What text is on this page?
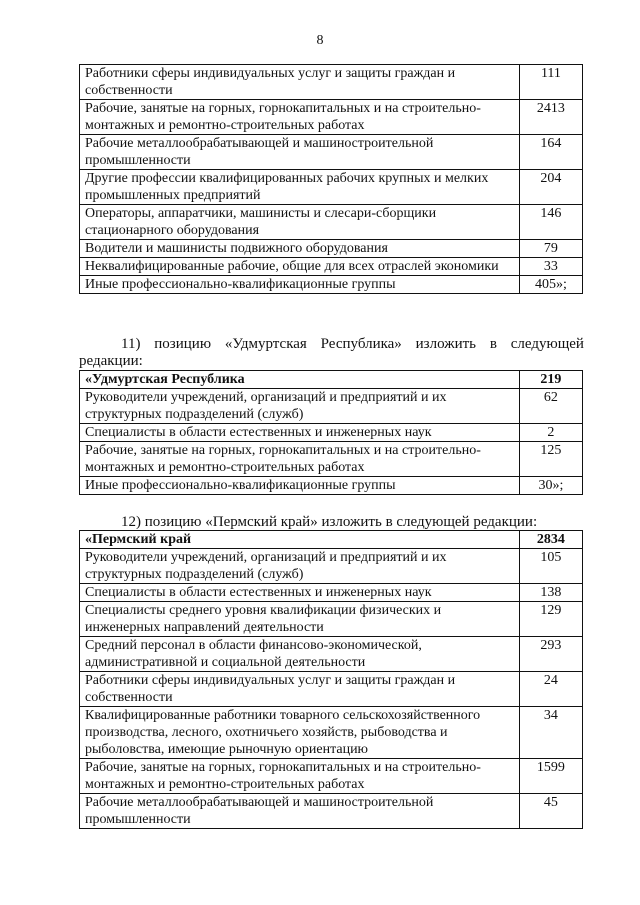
8
Работники сферы индивидуальных услуг и защиты граждан и собственности	111
Рабочие, занятые на горных, горнокапитальных и на строительно-монтажных и ремонтно-строительных работах	2413
Рабочие металлообрабатывающей и машиностроительной промышленности	164
Другие профессии квалифицированных рабочих крупных и мелких промышленных предприятий	204
Операторы, аппаратчики, машинисты и слесари-сборщики стационарного оборудования	146
Водители и машинисты подвижного оборудования	79
Неквалифицированные рабочие, общие для всех отраслей экономики	33
Иные профессионально-квалификационные группы	405»;
11) позицию «Удмуртская Республика» изложить в следующей
редакции:
«Удмуртская Республика	219
Руководители учреждений, организаций и предприятий и их структурных подразделений (служб)	62
Специалисты в области естественных и инженерных наук	2
Рабочие, занятые на горных, горнокапитальных и на строительно-монтажных и ремонтно-строительных работах	125
Иные профессионально-квалификационные группы	30»;
12) позицию «Пермский край» изложить в следующей редакции:
«Пермский край	2834
Руководители учреждений, организаций и предприятий и их структурных подразделений (служб)	105
Специалисты в области естественных и инженерных наук	138
Специалисты среднего уровня квалификации физических и инженерных направлений деятельности	129
Средний персонал в области финансово-экономической, административной и социальной деятельности	293
Работники сферы индивидуальных услуг и защиты граждан и собственности	24
Квалифицированные работники товарного сельскохозяйственного производства, лесного, охотничьего хозяйств, рыбоводства и рыболовства, имеющие рыночную ориентацию	34
Рабочие, занятые на горных, горнокапитальных и на строительно-монтажных и ремонтно-строительных работах	1599
Рабочие металлообрабатывающей и машиностроительной промышленности	45
